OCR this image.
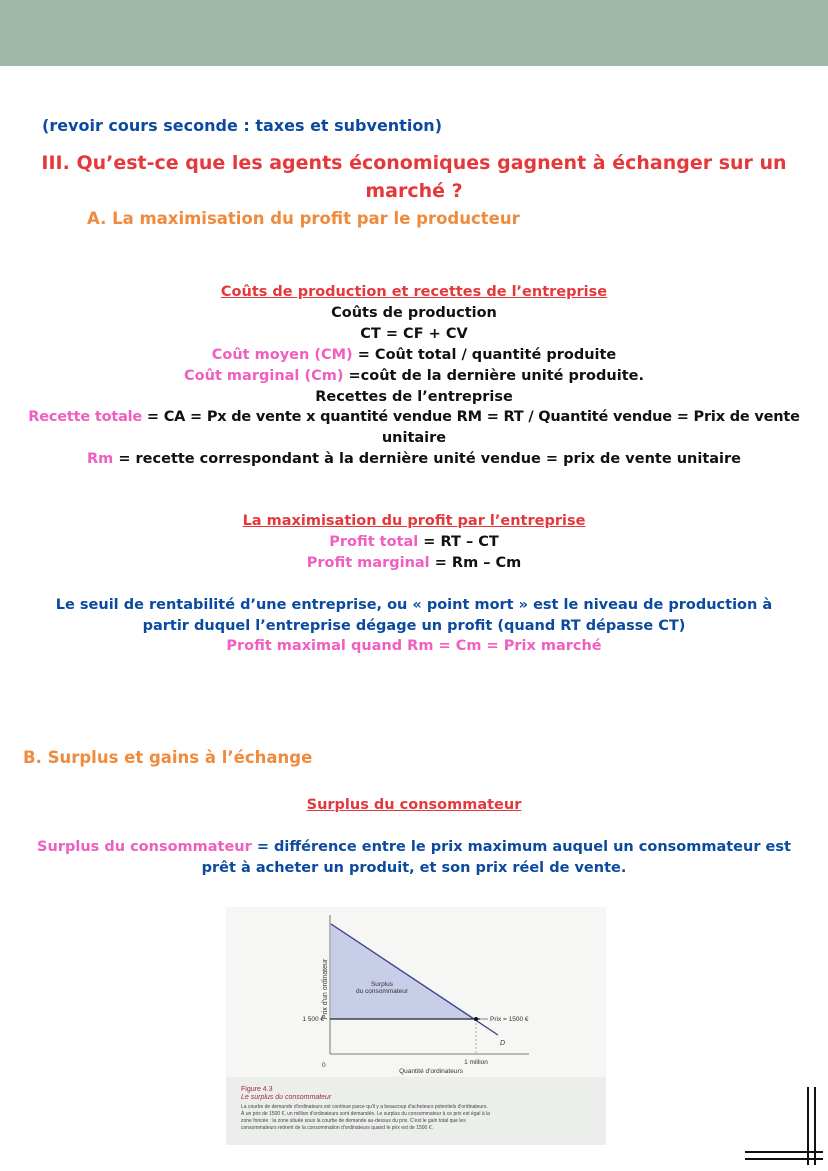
(revoir cours seconde : taxes et subvention)
III. Qu’est-ce que les agents économiques gagnent à échanger sur un
marché ?
A. La maximisation du profit par le producteur
Coûts de production et recettes de l’entreprise
Coûts de production
CT = CF + CV
Coût moyen (CM) = Coût total / quantité produite
Coût marginal (Cm) =coût de la dernière unité produite.
Recettes de l’entreprise
Recette totale = CA = Px de vente x quantité vendue RM = RT / Quantité vendue = Prix de vente
unitaire
Rm = recette correspondant à la dernière unité vendue = prix de vente unitaire
La maximisation du profit par l’entreprise
Profit total = RT – CT
Profit marginal = Rm – Cm
Le seuil de rentabilité d’une entreprise, ou « point mort » est le niveau de production à
partir duquel l’entreprise dégage un profit (quand RT dépasse CT)
Profit maximal quand Rm = Cm = Prix marché
B. Surplus et gains à l’échange
Surplus du consommateur
Surplus du consommateur = différence entre le prix maximum auquel un consommateur est
prêt à acheter un produit, et son prix réel de vente.
Prix d'un ordinateur	Surplus
du consommateur
1 500 €	Prix = 1500 €
D
0	1 million
Quantité d'ordinateurs
Figure 4.3
Le surplus du consommateur
La courbe de demande d'ordinateurs est continue parce qu'il y a beaucoup d'acheteurs potentiels d'ordinateurs.
À un prix de 1500 €, un million d'ordinateurs sont demandés. Le surplus du consommateur à ce prix est égal à la
zone foncée : la zone située sous la courbe de demande au-dessus du prix. C'est le gain total que les
consommateurs retirent de la consommation d'ordinateurs quand le prix est de 1500 €.
